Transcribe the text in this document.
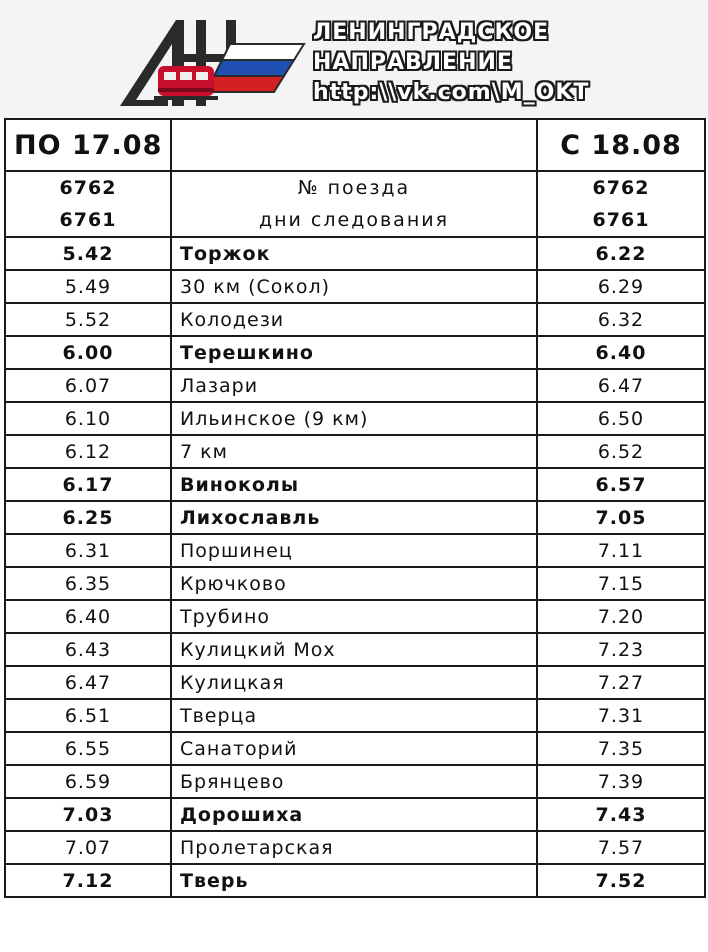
ЛЕНИНГРАДСКОЕ
НАПРАВЛЕНИЕ
http:\\vk.com\M_OKT
ПО 17.08		С 18.08
6762	№ поезда	6762
6761	дни следования	6761
5.42	Торжок	6.22
5.49	30 км (Сокол)	6.29
5.52	Колодези	6.32
6.00	Терешкино	6.40
6.07	Лазари	6.47
6.10	Ильинское (9 км)	6.50
6.12	7 км	6.52
6.17	Виноколы	6.57
6.25	Лихославль	7.05
6.31	Поршинец	7.11
6.35	Крючково	7.15
6.40	Трубино	7.20
6.43	Кулицкий Мох	7.23
6.47	Кулицкая	7.27
6.51	Тверца	7.31
6.55	Санаторий	7.35
6.59	Брянцево	7.39
7.03	Дорошиха	7.43
7.07	Пролетарская	7.57
7.12	Тверь	7.52
